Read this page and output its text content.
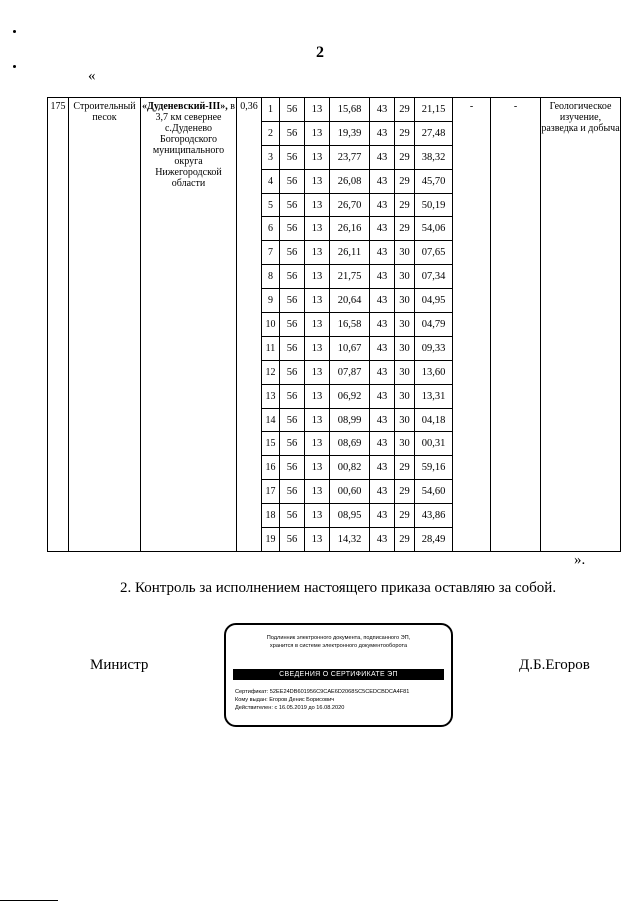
2
«
175	Строительный песок	«Дуденевский-III», в 3,7 км севернее с.Дуденево Богородского муниципального округа Нижегородской области	0,36	1	56	13	15,68	43	29	21,15	-	-	Геологическое изучение, разведка и добыча
				2	56	13	19,39	43	29	27,48			
				3	56	13	23,77	43	29	38,32			
				4	56	13	26,08	43	29	45,70			
				5	56	13	26,70	43	29	50,19			
				6	56	13	26,16	43	29	54,06			
				7	56	13	26,11	43	30	07,65			
				8	56	13	21,75	43	30	07,34			
				9	56	13	20,64	43	30	04,95			
				10	56	13	16,58	43	30	04,79			
				11	56	13	10,67	43	30	09,33			
				12	56	13	07,87	43	30	13,60			
				13	56	13	06,92	43	30	13,31			
				14	56	13	08,99	43	30	04,18			
				15	56	13	08,69	43	30	00,31			
				16	56	13	00,82	43	29	59,16			
				17	56	13	00,60	43	29	54,60			
				18	56	13	08,95	43	29	43,86			
				19	56	13	14,32	43	29	28,49			
».
2. Контроль за исполнением настоящего приказа оставляю за собой.
Министр	Д.Б.Егоров
Подлинник электронного документа, подписанного ЭП,
хранится в системе электронного документооборота
СВЕДЕНИЯ О СЕРТИФИКАТЕ ЭП
Сертификат: 52EE24DB601956C9CAE6D2068SC5CEDCBDCA4F81
Кому выдан: Егоров Денис Борисович
Действителен: с 16.05.2019 до 16.08.2020
